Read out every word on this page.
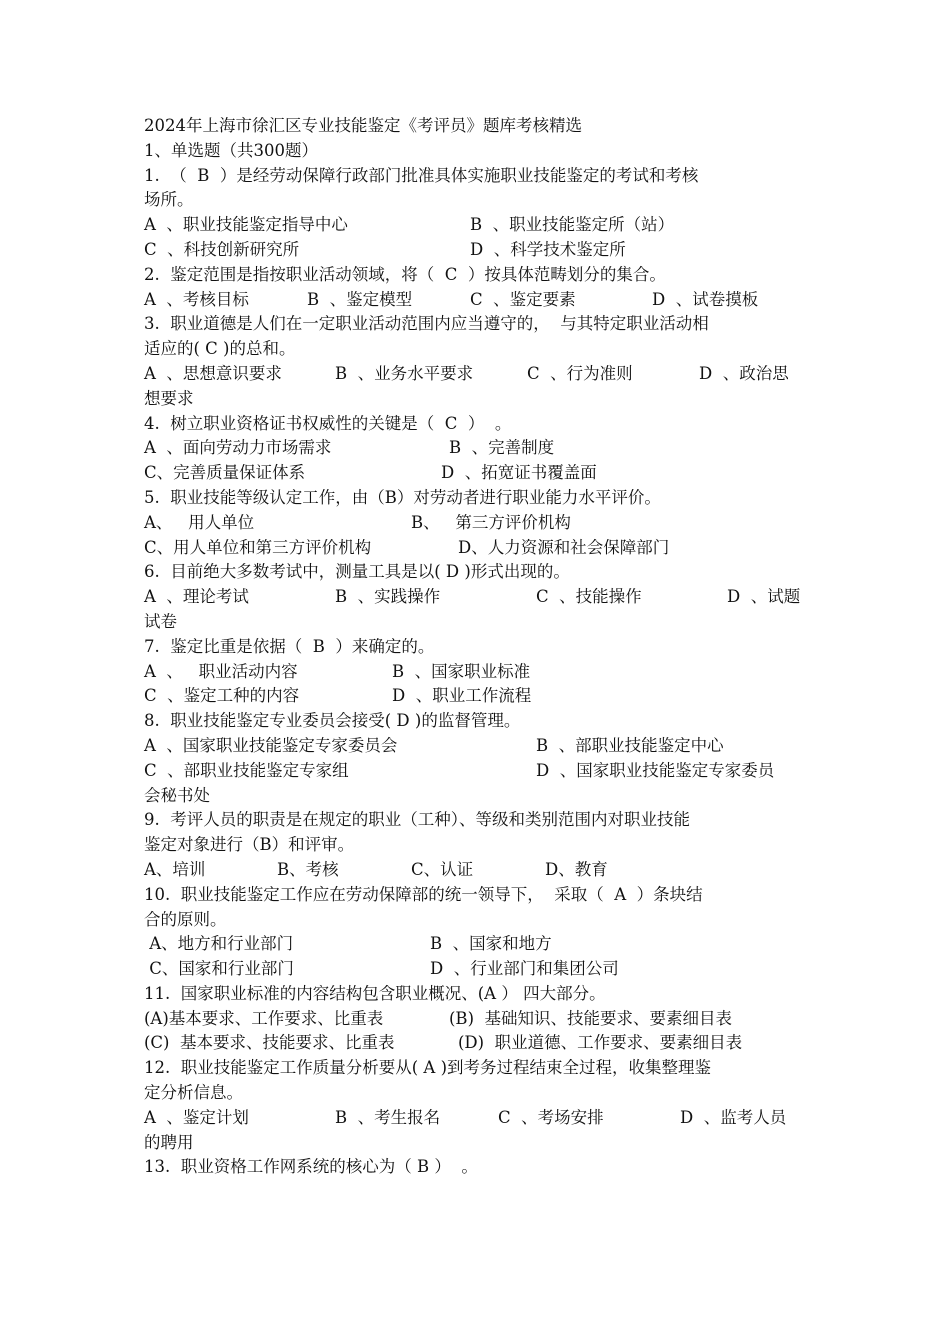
2024年上海市徐汇区专业技能鉴定《考评员》题库考核精选
1、单选题（共300题）
1.  （  B  ）是经劳动保障行政部门批准具体实施职业技能鉴定的考试和考核
场所。

A  、职业技能鉴定指导中心

	B  、职业技能鉴定所（站）

C  、科技创新研究所

	D  、科学技术鉴定所

2.  鉴定范围是指按职业活动领域，将（  C  ）按具体范畴划分的集合。

A  、考核目标

	B  、鉴定模型

	C  、鉴定要素

	D  、试卷摸板

3.  职业道德是人们在一定职业活动范围内应当遵守的，  与其特定职业活动相
适应的( C )的总和。

A  、思想意识要求

	B  、业务水平要求

	C  、行为准则

	D  、政治思

想要求
4.  树立职业资格证书权威性的关键是（  C  ）  。

A  、面向劳动力市场需求

	B  、完善制度

C、完善质量保证体系

	D  、拓宽证书覆盖面

5.  职业技能等级认定工作，由（B）对劳动者进行职业能力水平评价。

A、   用人单位

	B、   第三方评价机构

C、用人单位和第三方评价机构

	D、人力资源和社会保障部门

6.  目前绝大多数考试中，测量工具是以( D )形式出现的。

A  、理论考试

	B  、实践操作

	C  、技能操作

	D  、试题

试卷
7.  鉴定比重是依据（  B  ）来确定的。

A  、   职业活动内容

	B  、国家职业标准

C  、鉴定工种的内容

	D  、职业工作流程

8.  职业技能鉴定专业委员会接受( D )的监督管理。

A  、国家职业技能鉴定专家委员会

	B  、部职业技能鉴定中心

C  、部职业技能鉴定专家组

	D  、国家职业技能鉴定专家委员

会秘书处
9.  考评人员的职责是在规定的职业（工种）、等级和类别范围内对职业技能
鉴定对象进行（B）和评审。

A、培训

	B、考核

	C、认证

	D、教育

10.  职业技能鉴定工作应在劳动保障部的统一领导下，  采取（  A  ）条块结
合的原则。

A、地方和行业部门

	B  、国家和地方

C、国家和行业部门

	D  、行业部门和集团公司

11.  国家职业标准的内容结构包含职业概况、(A ） 四大部分。

(A)基本要求、工作要求、比重表

	(B)  基础知识、技能要求、要素细目表

(C)  基本要求、技能要求、比重表

	(D)  职业道德、工作要求、要素细目表

12.  职业技能鉴定工作质量分析要从( A )到考务过程结束全过程，收集整理鉴
定分析信息。

A  、鉴定计划

	B  、考生报名

	C  、考场安排

	D  、监考人员

的聘用
13.  职业资格工作网系统的核心为（ B ）  。
